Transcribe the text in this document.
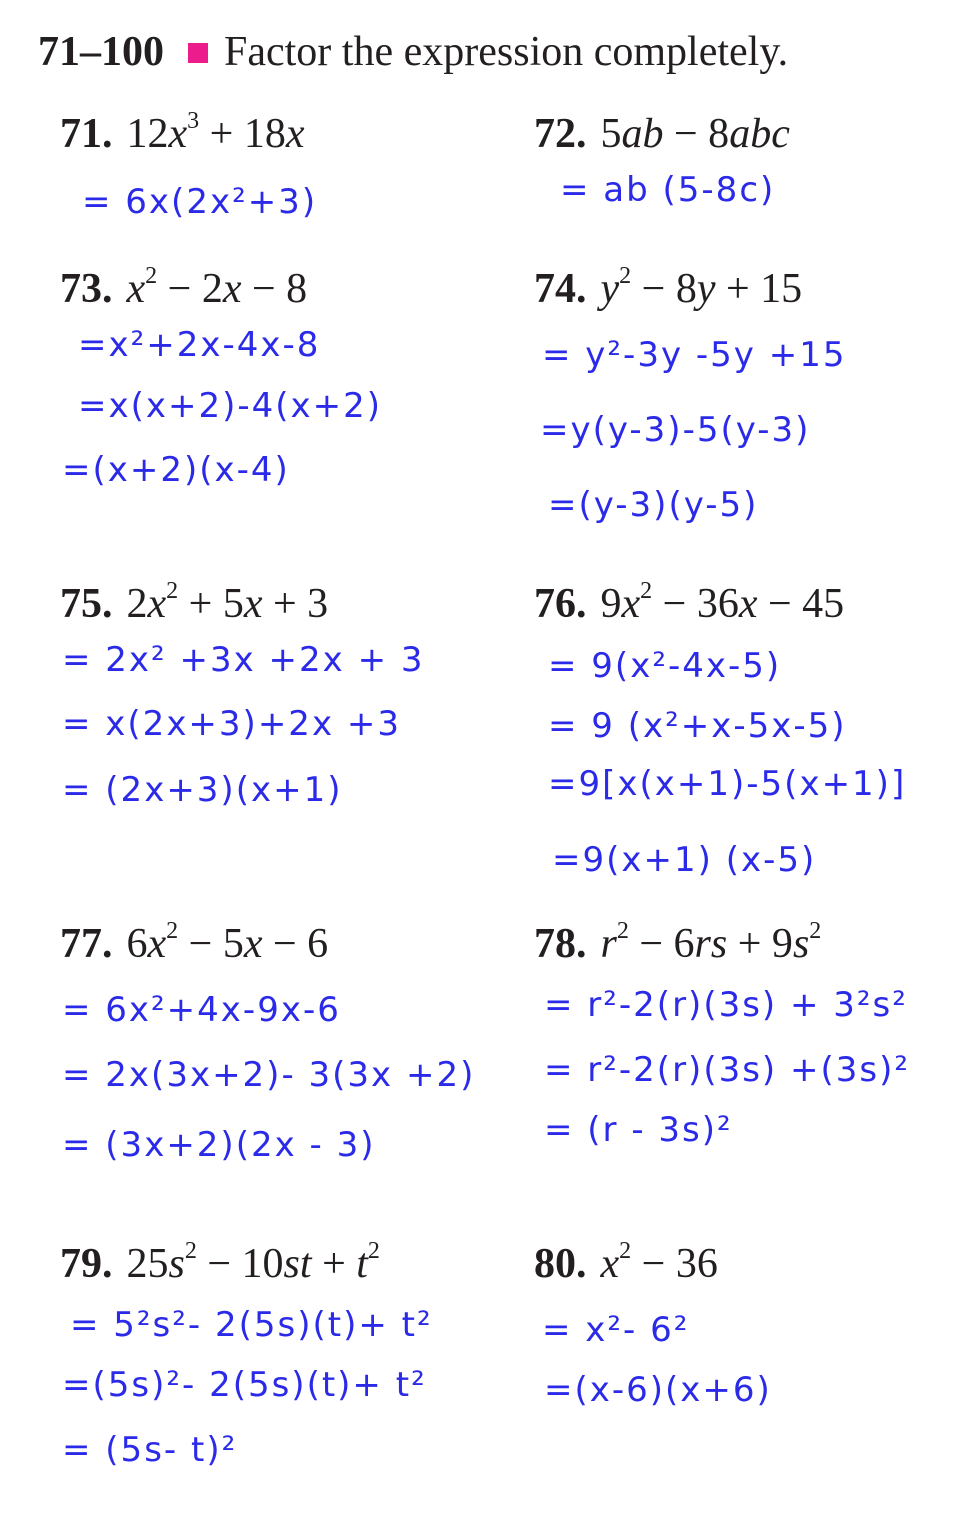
71–100 Factor the expression completely.
71. $12x^3 + 18x$
= 6x(2x²+3)
72. 5ab − 8abc
= ab (5-8c)
73. $x^2 - 2x - 8$
=x²+2x-4x-8
=x(x+2)-4(x+2)
=(x+2)(x-4)
74. $y^2 - 8y + 15$
= y²-3y -5y +15
=y(y-3)-5(y-3)
=(y-3)(y-5)
75. $2x^2 + 5x + 3$
= 2x² +3x +2x + 3
= x(2x+3)+2x +3
= (2x+3)(x+1)
76. $9x^2 - 36x - 45$
= 9(x²-4x-5)
= 9 (x²+x-5x-5)
=9[x(x+1)-5(x+1)]
=9(x+1) (x-5)
77. $6x^2 - 5x - 6$
= 6x²+4x-9x-6
= 2x(3x+2)- 3(3x +2)
= (3x+2)(2x - 3)
78. $r^2 - 6rs + 9s^2$
= r²-2(r)(3s) + 3²s²
= r²-2(r)(3s) +(3s)²
= (r - 3s)²
79. $25s^2 - 10st + t^2$
= 5²s²- 2(5s)(t)+ t²
=(5s)²- 2(5s)(t)+ t²
= (5s- t)²
80. $x^2 - 36$
= x²- 6²
=(x-6)(x+6)
